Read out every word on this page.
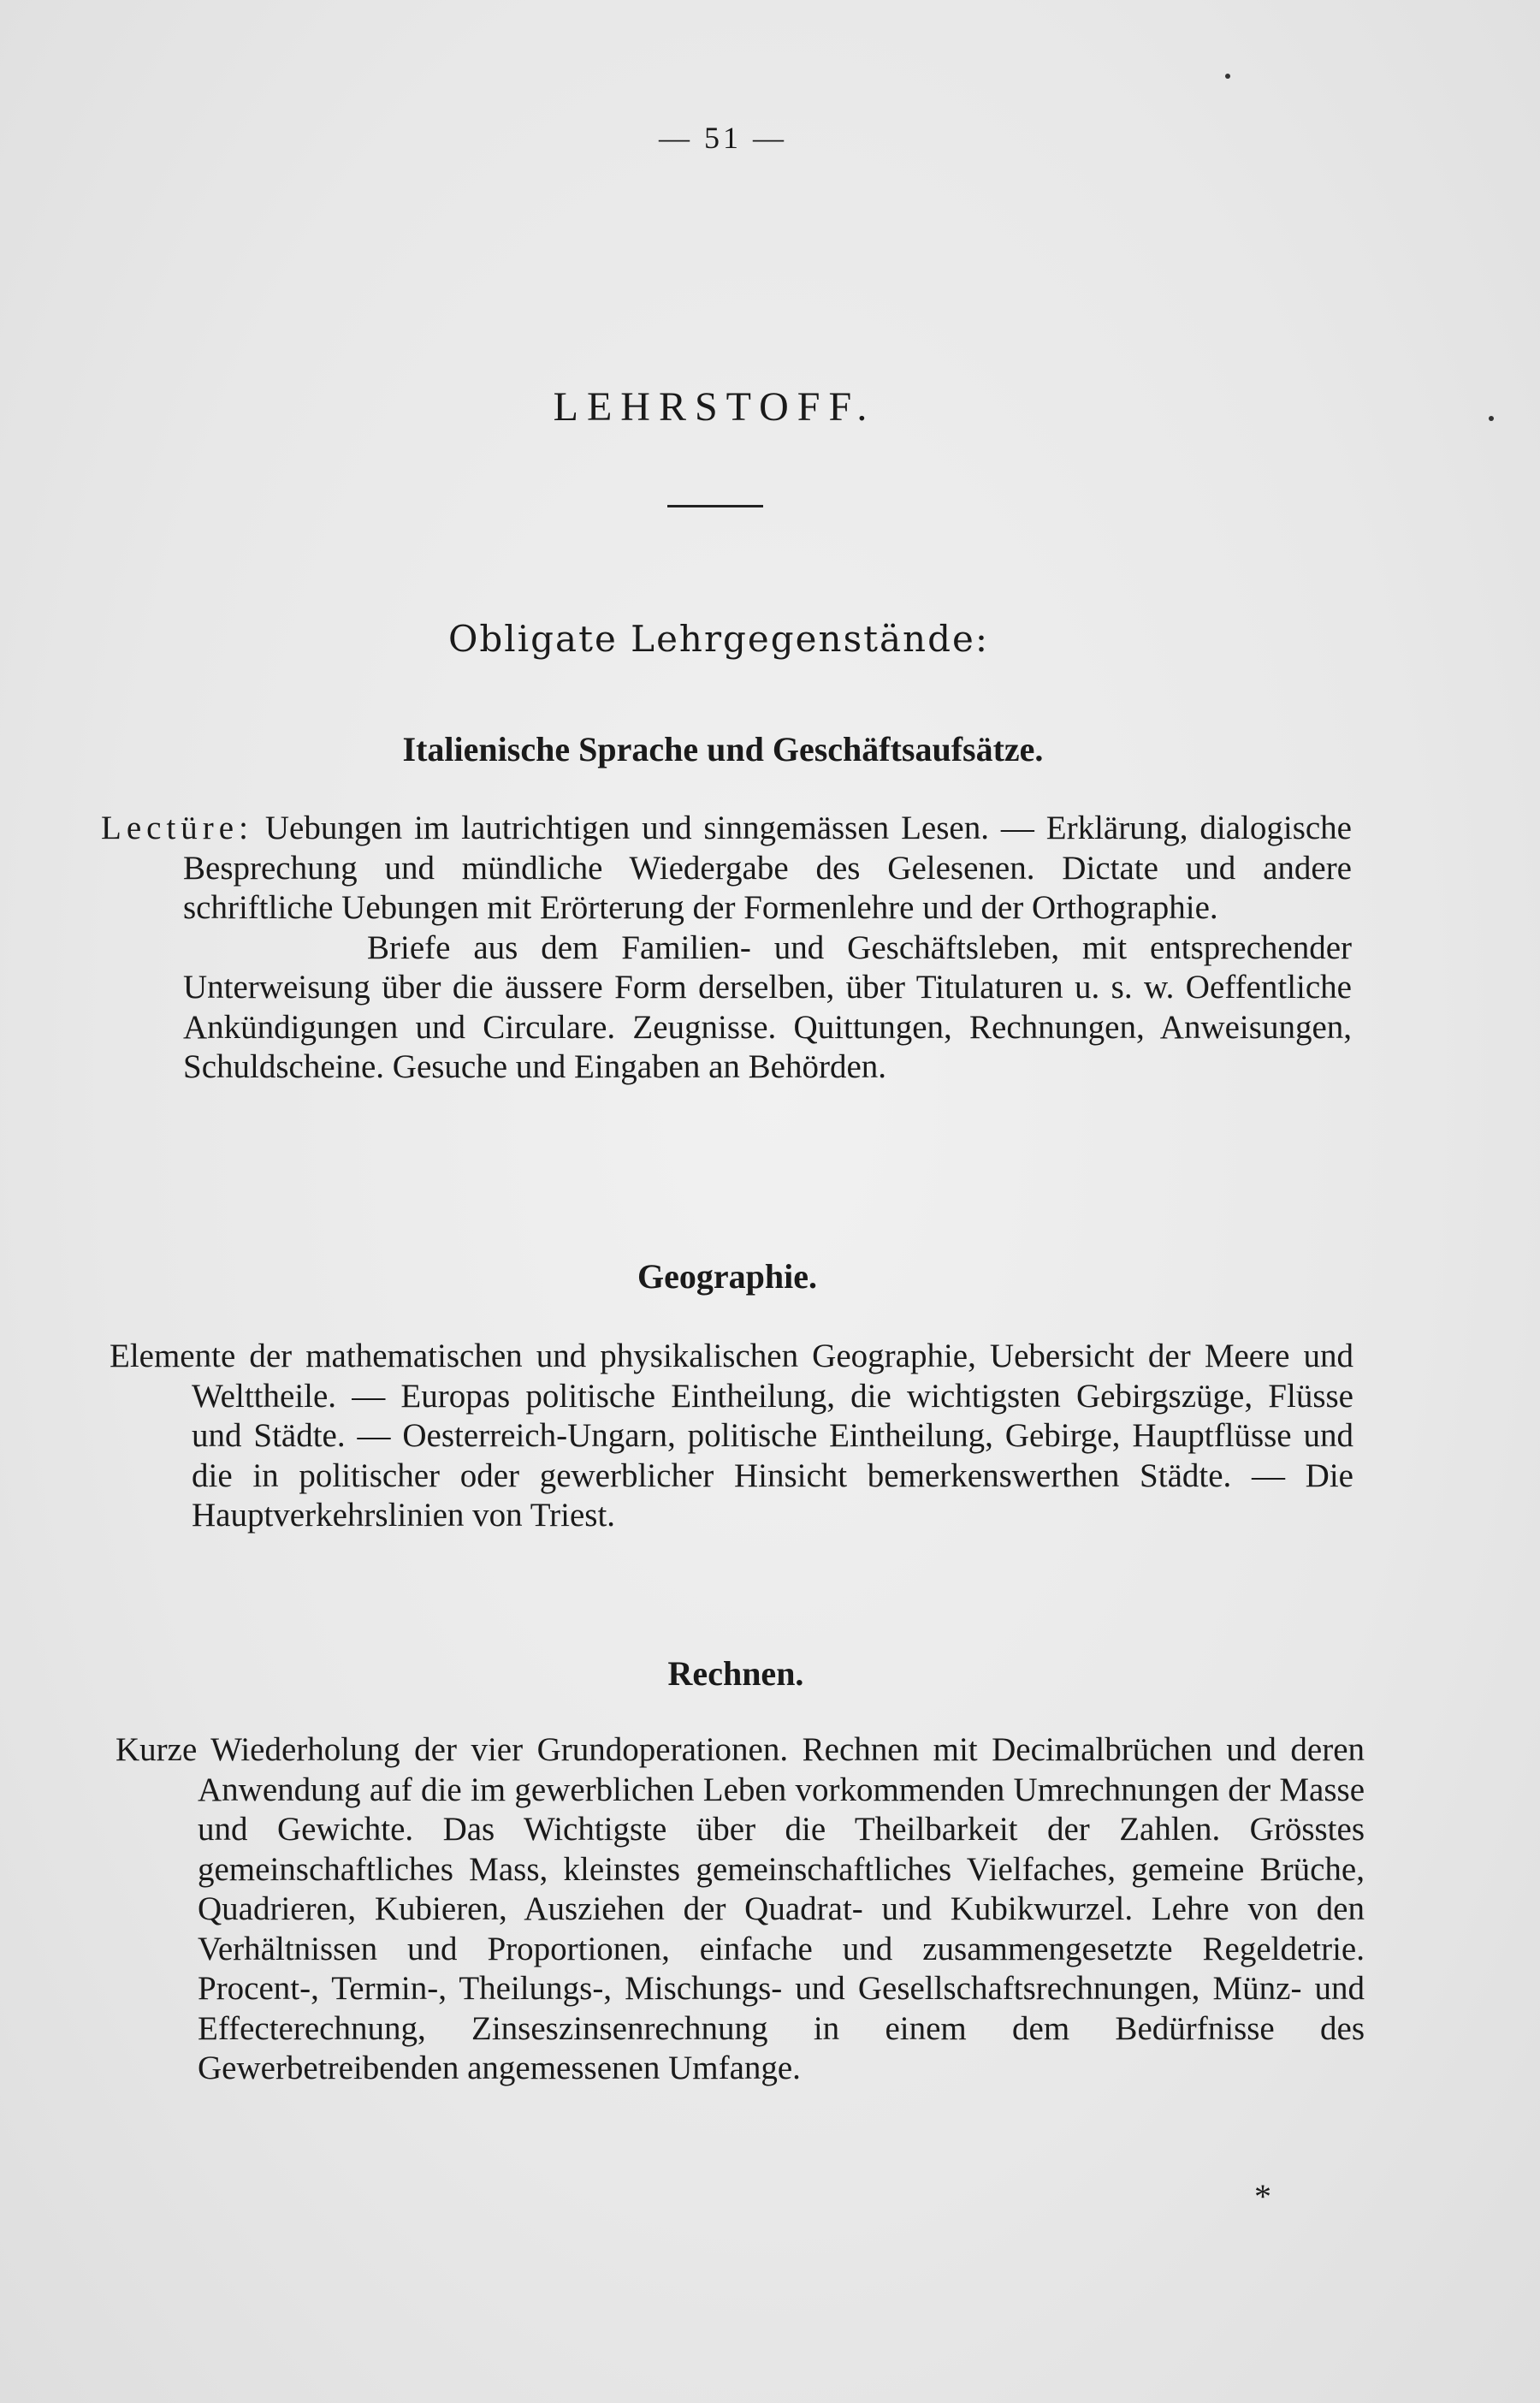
— 51 —
LEHRSTOFF.
Obligate Lehrgegenstände:
Italienische Sprache und Geschäftsaufsätze.

Lectüre: Uebungen im lautrichtigen und sinngemässen Lesen. — Erklärung, dialogische Besprechung und mündliche Wiedergabe des Gelesenen. Dictate und andere schriftliche Uebungen mit Erörterung der Formenlehre und der Orthographie.

Briefe aus dem Familien- und Geschäftsleben, mit entsprechender Unterweisung über die äussere Form derselben, über Titulaturen u. s. w. Oeffentliche Ankündigungen und Circulare. Zeugnisse. Quittungen, Rechnungen, Anweisungen, Schuldscheine. Gesuche und Eingaben an Behörden.

Geographie.

Elemente der mathematischen und physikalischen Geographie, Uebersicht der Meere und Welttheile. — Europas politische Eintheilung, die wichtigsten Gebirgszüge, Flüsse und Städte. — Oesterreich-Ungarn, politische Eintheilung, Gebirge, Hauptflüsse und die in politischer oder gewerblicher Hinsicht bemerkenswerthen Städte. — Die Hauptverkehrslinien von Triest.

Rechnen.

Kurze Wiederholung der vier Grundoperationen. Rechnen mit Decimalbrüchen und deren Anwendung auf die im gewerblichen Leben vorkommenden Umrechnungen der Masse und Gewichte. Das Wichtigste über die Theilbarkeit der Zahlen. Grösstes gemeinschaftliches Mass, kleinstes gemeinschaftliches Vielfaches, gemeine Brüche, Quadrieren, Kubieren, Ausziehen der Quadrat- und Kubikwurzel. Lehre von den Verhältnissen und Proportionen, einfache und zusammengesetzte Regeldetrie. Procent-, Termin-, Theilungs-, Mischungs- und Gesellschaftsrechnungen, Münz- und Effecterechnung, Zinseszinsenrechnung in einem dem Bedürfnisse des Gewerbetreibenden angemessenen Umfange.

*
